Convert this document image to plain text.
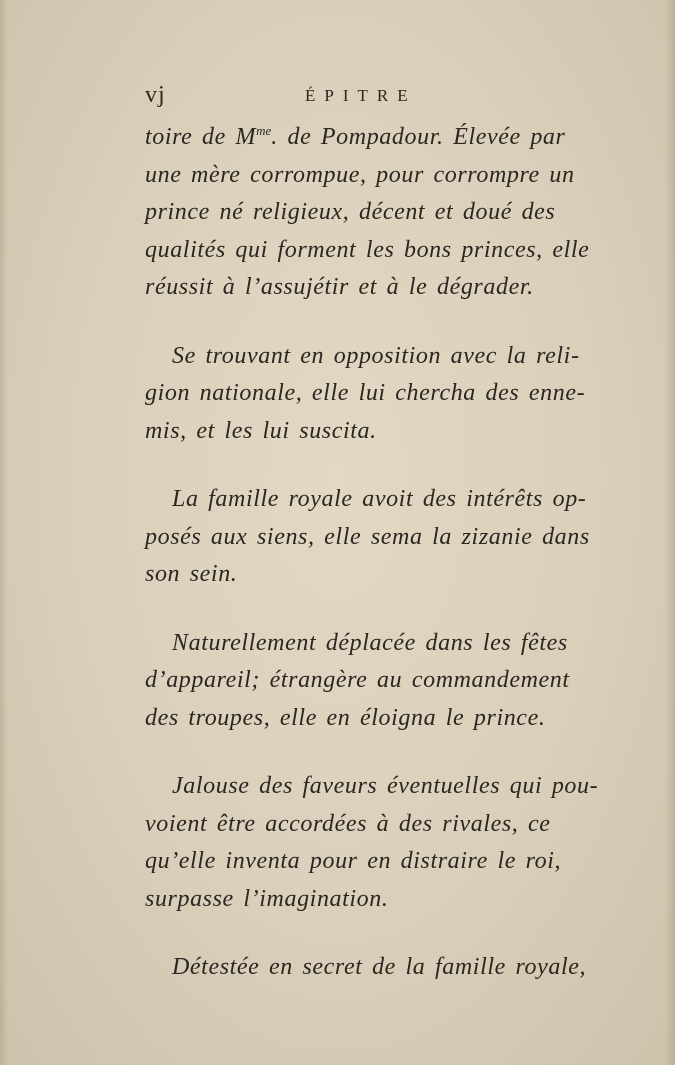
vj	ÉPITRE
toire de $M^{me}$. de Pompadour. Élevée par
une mère corrompue, pour corrompre un
prince né religieux, décent et doué des
qualités qui forment les bons princes, elle
réussit à l’assujétir et à le dégrader.
Se trouvant en opposition avec la reli-
gion nationale, elle lui chercha des enne-
mis, et les lui suscita.
La famille royale avoit des intérêts op-
posés aux siens, elle sema la zizanie dans
son sein.
Naturellement déplacée dans les fêtes
d’appareil; étrangère au commandement
des troupes, elle en éloigna le prince.
Jalouse des faveurs éventuelles qui pou-
voient être accordées à des rivales, ce
qu’elle inventa pour en distraire le roi,
surpasse l’imagination.
Détestée en secret de la famille royale,
